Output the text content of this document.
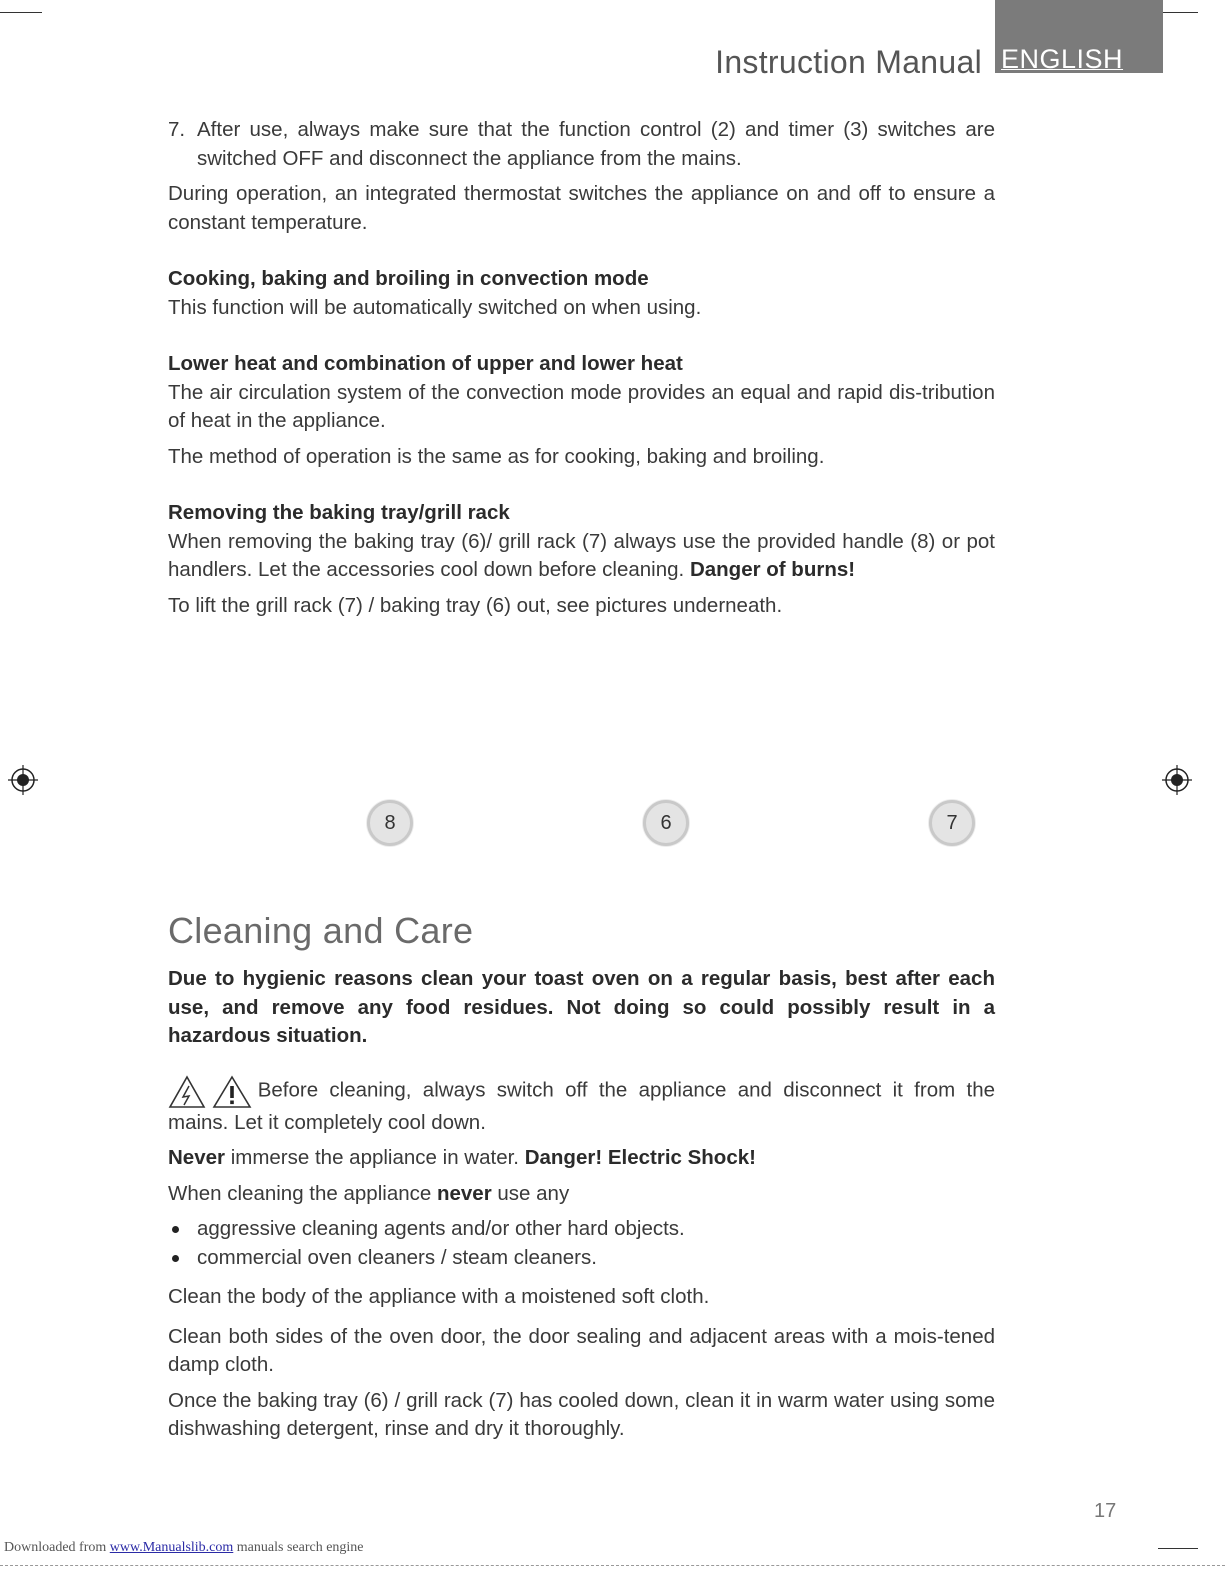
Instruction Manual ENGLISH

7. After use, always make sure that the function control (2) and timer (3) switches are switched OFF and disconnect the appliance from the mains.

During operation, an integrated thermostat switches the appliance on and off to ensure a constant temperature.

Cooking, baking and broiling in convection mode

This function will be automatically switched on when using.

Lower heat and combination of upper and lower heat

The air circulation system of the convection mode provides an equal and rapid dis-tribution of heat in the appliance.

The method of operation is the same as for cooking, baking and broiling.

Removing the baking tray/grill rack

When removing the baking tray (6)/ grill rack (7) always use the provided handle (8) or pot handlers. Let the accessories cool down before cleaning. Danger of burns!

To lift the grill rack (7) / baking tray (6) out, see pictures underneath.

8	6	7
Cleaning and Care

Due to hygienic reasons clean your toast oven on a regular basis, best after each use, and remove any food residues. Not doing so could possibly result in a hazardous situation.

Before cleaning, always switch off the appliance and disconnect it from the mains. Let it completely cool down.

Never immerse the appliance in water. Danger! Electric Shock!

When cleaning the appliance never use any

aggressive cleaning agents and/or other hard objects.
commercial oven cleaners / steam cleaners.

Clean the body of the appliance with a moistened soft cloth.

Clean both sides of the oven door, the door sealing and adjacent areas with a mois-tened damp cloth.

Once the baking tray (6) / grill rack (7) has cooled down, clean it in warm water using some dishwashing detergent, rinse and dry it thoroughly.

17
Downloaded from www.Manualslib.com manuals search engine
